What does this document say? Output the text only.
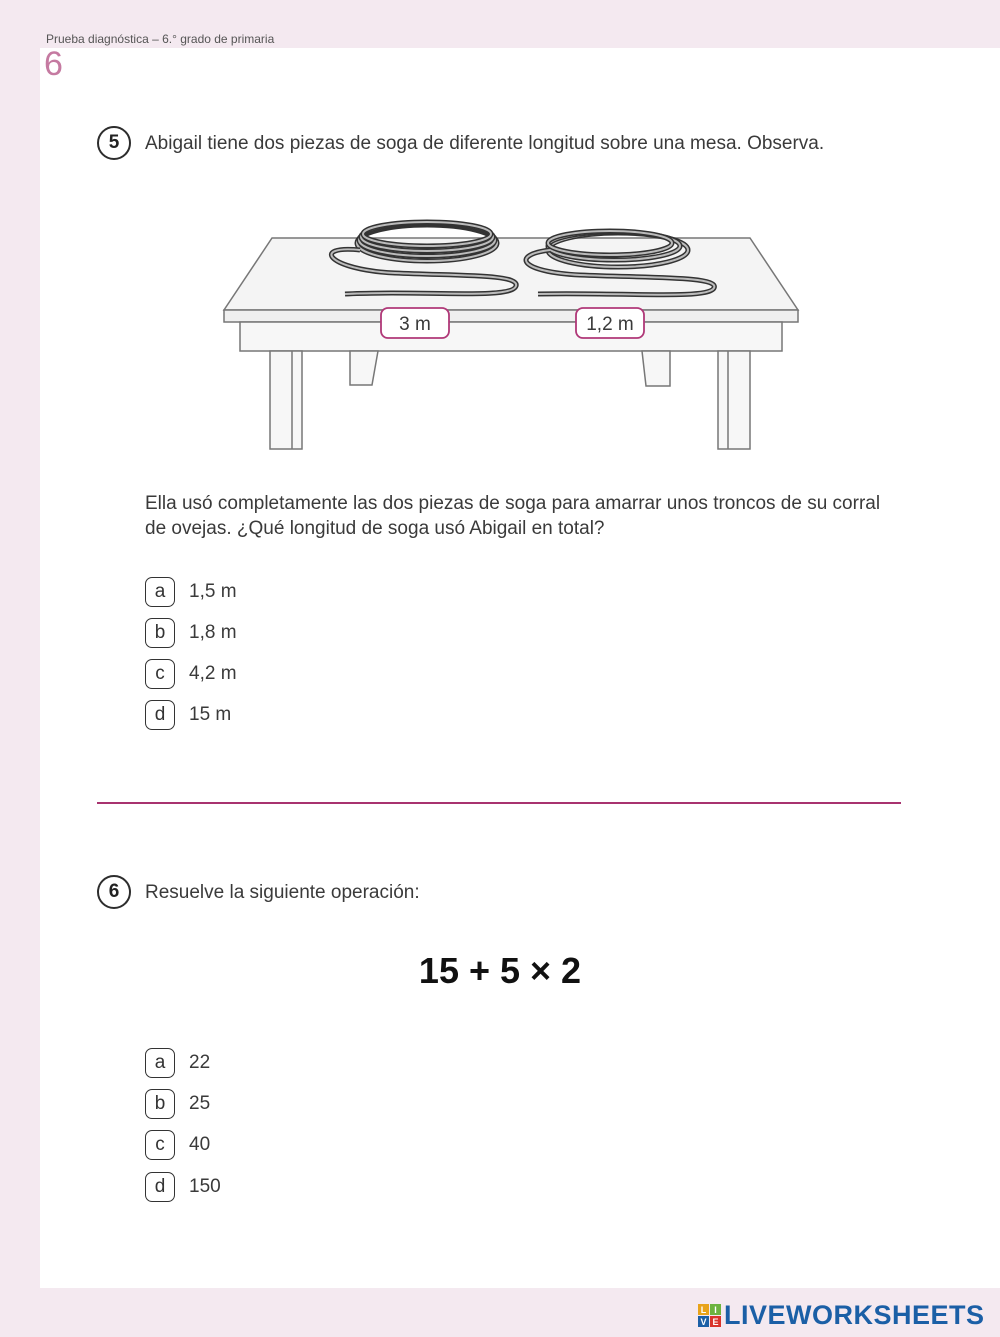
Prueba diagnóstica – 6.° grado de primaria
6
5	Abigail tiene dos piezas de soga de diferente longitud sobre una mesa. Observa.
3 m	1,2 m
Ella usó completamente las dos piezas de soga para amarrar unos troncos de su corral
de ovejas. ¿Qué longitud de soga usó Abigail en total?
a	1,5 m
b	1,8 m
c	4,2 m
d	15 m
6	Resuelve la siguiente operación:
15 + 5 × 2
a	22
b	25
c	40
d	150
L I
V E LIVEWORKSHEETS
